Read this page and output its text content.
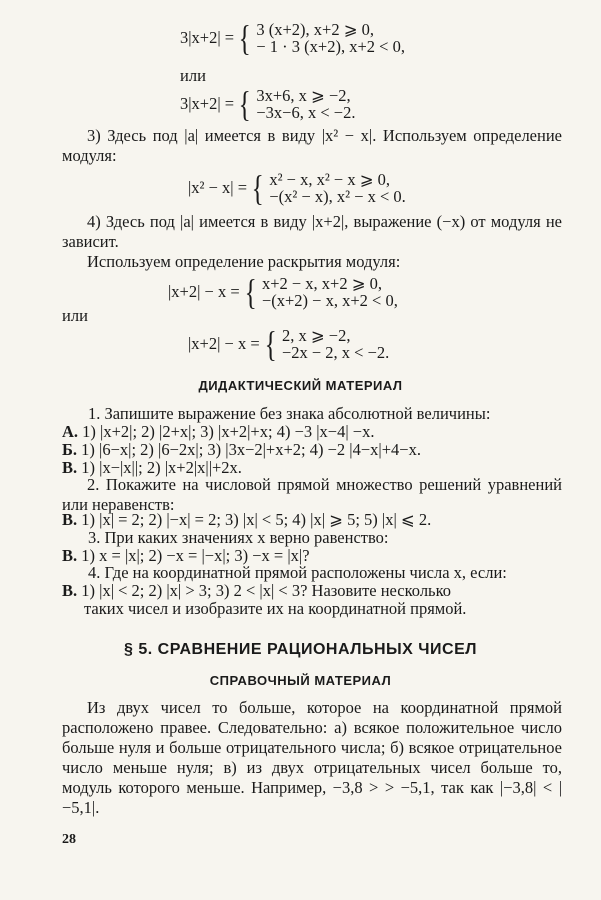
3|x+2| = { 3 (x+2), x+2 ⩾ 0,
− 1 · 3 (x+2), x+2 < 0,
или
3|x+2| = { 3x+6, x ⩾ −2,
−3x−6, x < −2.
3) Здесь под |a| имеется в виду |x² − x|. Используем определение модуля:
|x² − x| = { x² − x, x² − x ⩾ 0,
−(x² − x), x² − x < 0.
4) Здесь под |a| имеется в виду |x+2|, выражение (−x) от модуля не зависит.
Используем определение раскрытия модуля:
|x+2| − x = { x+2 − x, x+2 ⩾ 0,
−(x+2) − x, x+2 < 0,
или
|x+2| − x = { 2, x ⩾ −2,
−2x − 2, x < −2.
ДИДАКТИЧЕСКИЙ МАТЕРИАЛ
1. Запишите выражение без знака абсолютной величины:
А. 1) |x+2|; 2) |2+x|; 3) |x+2|+x; 4) −3 |x−4| −x.
Б. 1) |6−x|; 2) |6−2x|; 3) |3x−2|+x+2; 4) −2 |4−x|+4−x.
В. 1) |x−|x||; 2) |x+2|x||+2x.
2. Покажите на числовой прямой множество решений уравнений или неравенств:
В. 1) |x| = 2; 2) |−x| = 2; 3) |x| < 5; 4) |x| ⩾ 5; 5) |x| ⩽ 2.
3. При каких значениях x верно равенство:
В. 1) x = |x|; 2) −x = |−x|; 3) −x = |x|?
4. Где на координатной прямой расположены числа x, если:
В. 1) |x| < 2; 2) |x| > 3; 3) 2 < |x| < 3? Назовите несколько
таких чисел и изобразите их на координатной прямой.
§ 5. СРАВНЕНИЕ РАЦИОНАЛЬНЫХ ЧИСЕЛ
СПРАВОЧНЫЙ МАТЕРИАЛ
Из двух чисел то больше, которое на координатной прямой расположено правее. Следовательно: а) всякое положительное число больше нуля и больше отрицательного числа; б) всякое отрицательное число меньше нуля; в) из двух отрицательных чисел больше то, модуль которого меньше. Например, −3,8 > > −5,1, так как |−3,8| < |−5,1|.
28
